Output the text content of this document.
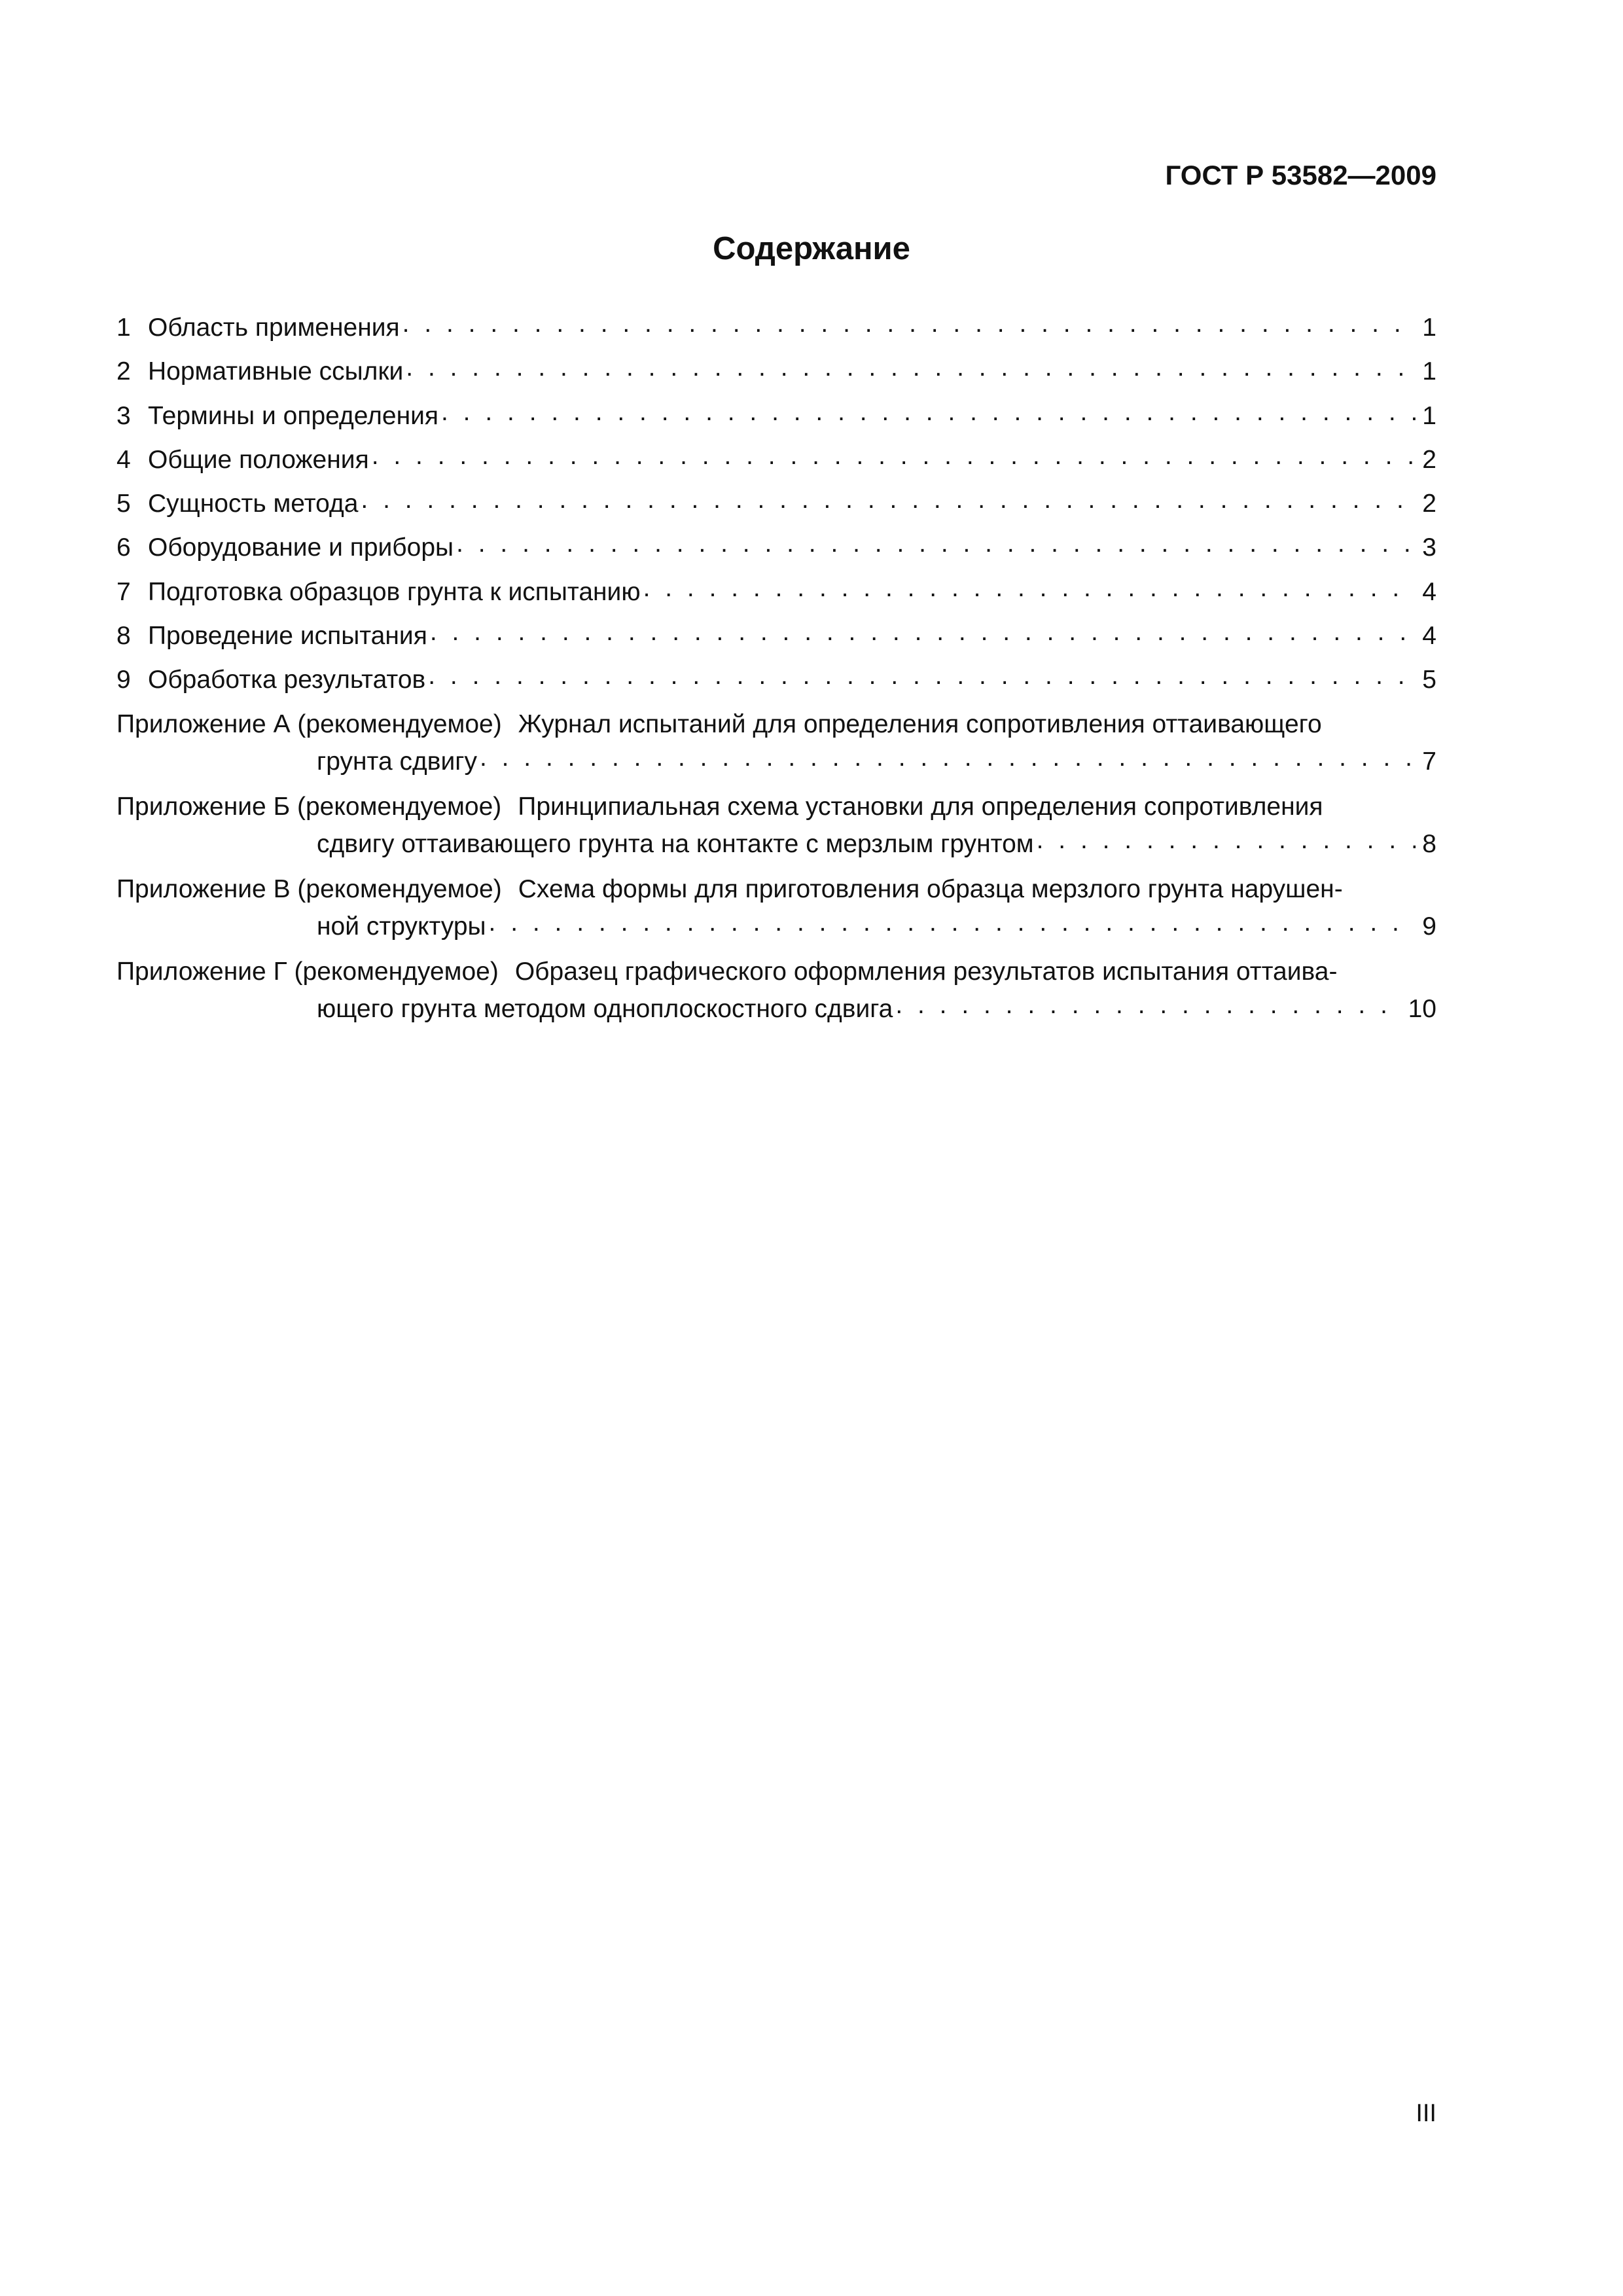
ГОСТ Р 53582—2009
Содержание
1 Область применения . . .	1
2 Нормативные ссылки . . .	1
3 Термины и определения . . .	1
4 Общие положения . . .	2
5 Сущность метода . . .	2
6 Оборудование и приборы . . .	3
7 Подготовка образцов грунта к испытанию . . .	4
8 Проведение испытания . . .	4
9 Обработка результатов . . .	5
Приложение А (рекомендуемое) Журнал испытаний для определения сопротивления оттаивающего
грунта сдвигу . . .	7
Приложение Б (рекомендуемое) Принципиальная схема установки для определения сопротивления
сдвигу оттаивающего грунта на контакте с мерзлым грунтом . . .	8
Приложение В (рекомендуемое) Схема формы для приготовления образца мерзлого грунта нарушен-
ной структуры . . .	9
Приложение Г (рекомендуемое) Образец графического оформления результатов испытания оттаива-
ющего грунта методом одноплоскостного сдвига . . .	10
III
